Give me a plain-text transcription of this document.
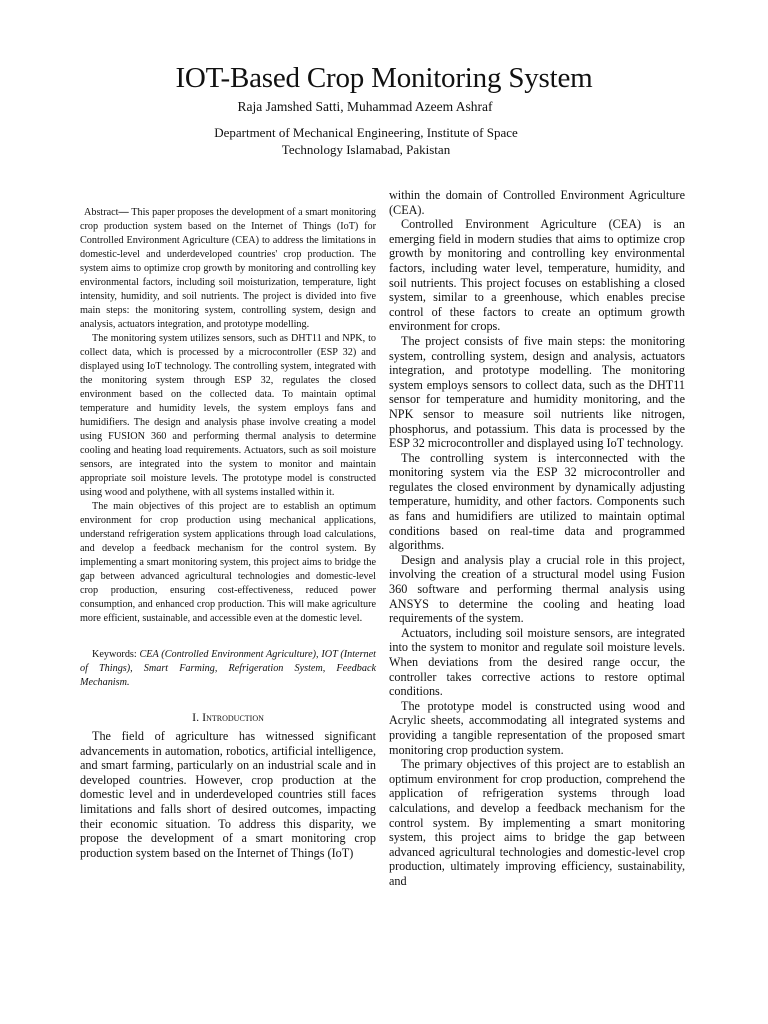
IOT-Based Crop Monitoring System
Raja Jamshed Satti, Muhammad Azeem Ashraf
Department of Mechanical Engineering, Institute of Space
Technology Islamabad, Pakistan

Abstract— This paper proposes the development of a smart monitoring crop production system based on the Internet of Things (IoT) for Controlled Environment Agriculture (CEA) to address the limitations in domestic-level and underdeveloped countries' crop production. The system aims to optimize crop growth by monitoring and controlling key environmental factors, including soil moisturization, temperature, light intensity, humidity, and soil nutrients. The project is divided into five main steps: the monitoring system, controlling system, design and analysis, actuators integration, and prototype modelling.

The monitoring system utilizes sensors, such as DHT11 and NPK, to collect data, which is processed by a microcontroller (ESP 32) and displayed using IoT technology. The controlling system, integrated with the monitoring system through ESP 32, regulates the closed environment based on the collected data. To maintain optimal temperature and humidity levels, the system employs fans and humidifiers. The design and analysis phase involve creating a model using FUSION 360 and performing thermal analysis to determine cooling and heating load requirements. Actuators, such as soil moisture sensors, are integrated into the system to monitor and maintain appropriate soil moisture levels. The prototype model is constructed using wood and polythene, with all systems installed within it.

The main objectives of this project are to establish an optimum environment for crop production using mechanical applications, understand refrigeration system applications through load calculations, and develop a feedback mechanism for the control system. By implementing a smart monitoring system, this project aims to bridge the gap between advanced agricultural technologies and domestic-level crop production, ensuring cost-effectiveness, reduced power consumption, and enhanced crop production. This will make agriculture more efficient, sustainable, and accessible even at the domestic level.

Keywords: CEA (Controlled Environment Agriculture), IOT (Internet of Things), Smart Farming, Refrigeration System, Feedback Mechanism.
I. Introduction

The field of agriculture has witnessed significant advancements in automation, robotics, artificial intelligence, and smart farming, particularly on an industrial scale and in developed countries. However, crop production at the domestic level and in underdeveloped countries still faces limitations and falls short of desired outcomes, impacting their economic situation. To address this disparity, we propose the development of a smart monitoring crop production system based on the Internet of Things (IoT)

within the domain of Controlled Environment Agriculture (CEA).

Controlled Environment Agriculture (CEA) is an emerging field in modern studies that aims to optimize crop growth by monitoring and controlling key environmental factors, including water level, temperature, humidity, and soil nutrients. This project focuses on establishing a closed system, similar to a greenhouse, which enables precise control of these factors to create an optimum growth environment for crops.

The project consists of five main steps: the monitoring system, controlling system, design and analysis, actuators integration, and prototype modelling. The monitoring system employs sensors to collect data, such as the DHT11 sensor for temperature and humidity monitoring, and the NPK sensor to measure soil nutrients like nitrogen, phosphorus, and potassium. This data is processed by the ESP 32 microcontroller and displayed using IoT technology.

The controlling system is interconnected with the monitoring system via the ESP 32 microcontroller and regulates the closed environment by dynamically adjusting temperature, humidity, and other factors. Components such as fans and humidifiers are utilized to maintain optimal conditions based on real-time data and programmed algorithms.

Design and analysis play a crucial role in this project, involving the creation of a structural model using Fusion 360 software and performing thermal analysis using ANSYS to determine the cooling and heating load requirements of the system.

Actuators, including soil moisture sensors, are integrated into the system to monitor and regulate soil moisture levels. When deviations from the desired range occur, the controller takes corrective actions to restore optimal conditions.

The prototype model is constructed using wood and Acrylic sheets, accommodating all integrated systems and providing a tangible representation of the proposed smart monitoring crop production system.

The primary objectives of this project are to establish an optimum environment for crop production, comprehend the application of refrigeration systems through load calculations, and develop a feedback mechanism for the control system. By implementing a smart monitoring system, this project aims to bridge the gap between advanced agricultural technologies and domestic-level crop production, ultimately improving efficiency, sustainability, and
